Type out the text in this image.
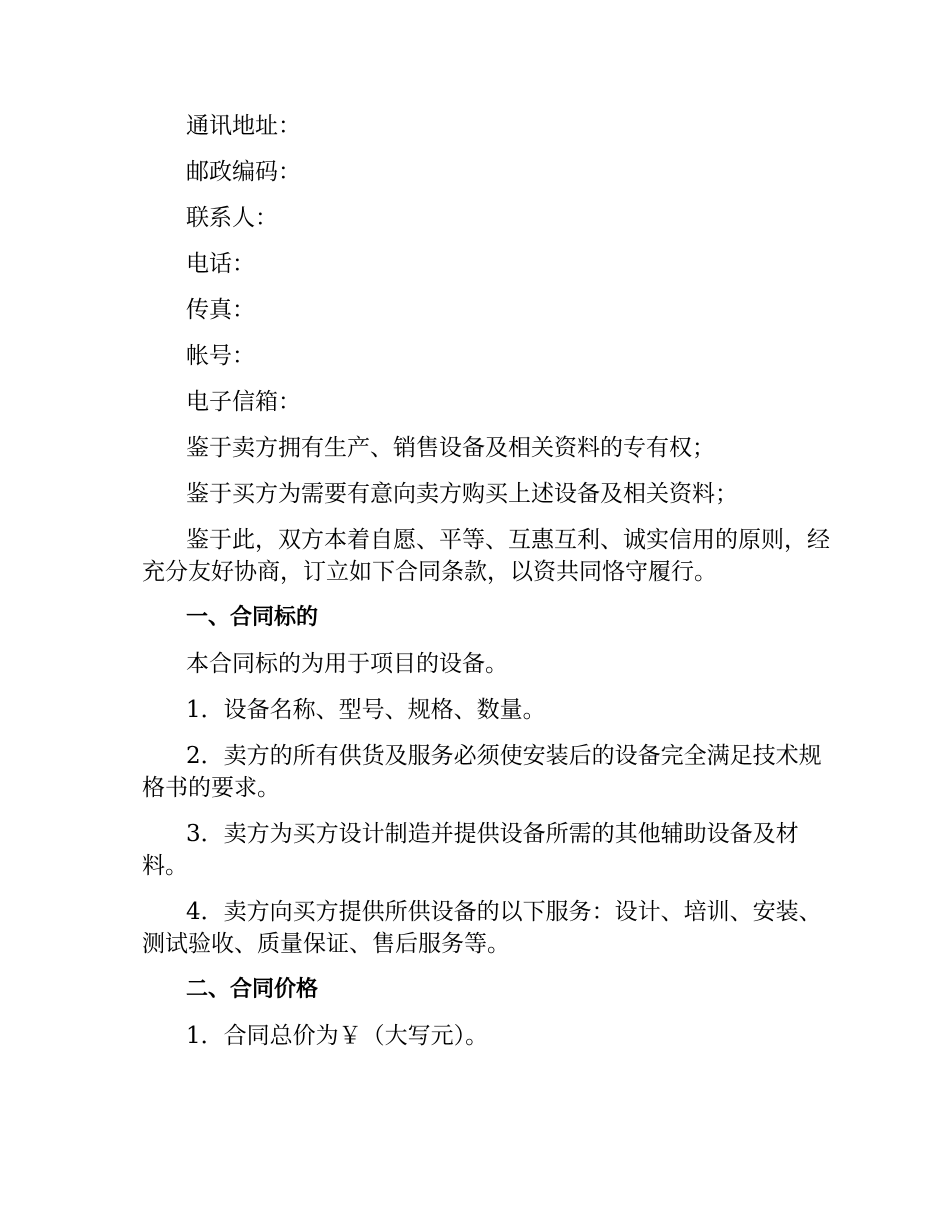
通讯地址：

邮政编码：

联系人：

电话：

传真：

帐号：

电子信箱：

鉴于卖方拥有生产、销售设备及相关资料的专有权；

鉴于买方为需要有意向卖方购买上述设备及相关资料；

鉴于此，双方本着自愿、平等、互惠互利、诚实信用的原则，经充分友好协商，订立如下合同条款，以资共同恪守履行。

一、合同标的

本合同标的为用于项目的设备。

1．设备名称、型号、规格、数量。

2．卖方的所有供货及服务必须使安装后的设备完全满足技术规格书的要求。

3．卖方为买方设计制造并提供设备所需的其他辅助设备及材料。

4．卖方向买方提供所供设备的以下服务：设计、培训、安装、测试验收、质量保证、售后服务等。

二、合同价格

1．合同总价为￥（大写元）。
